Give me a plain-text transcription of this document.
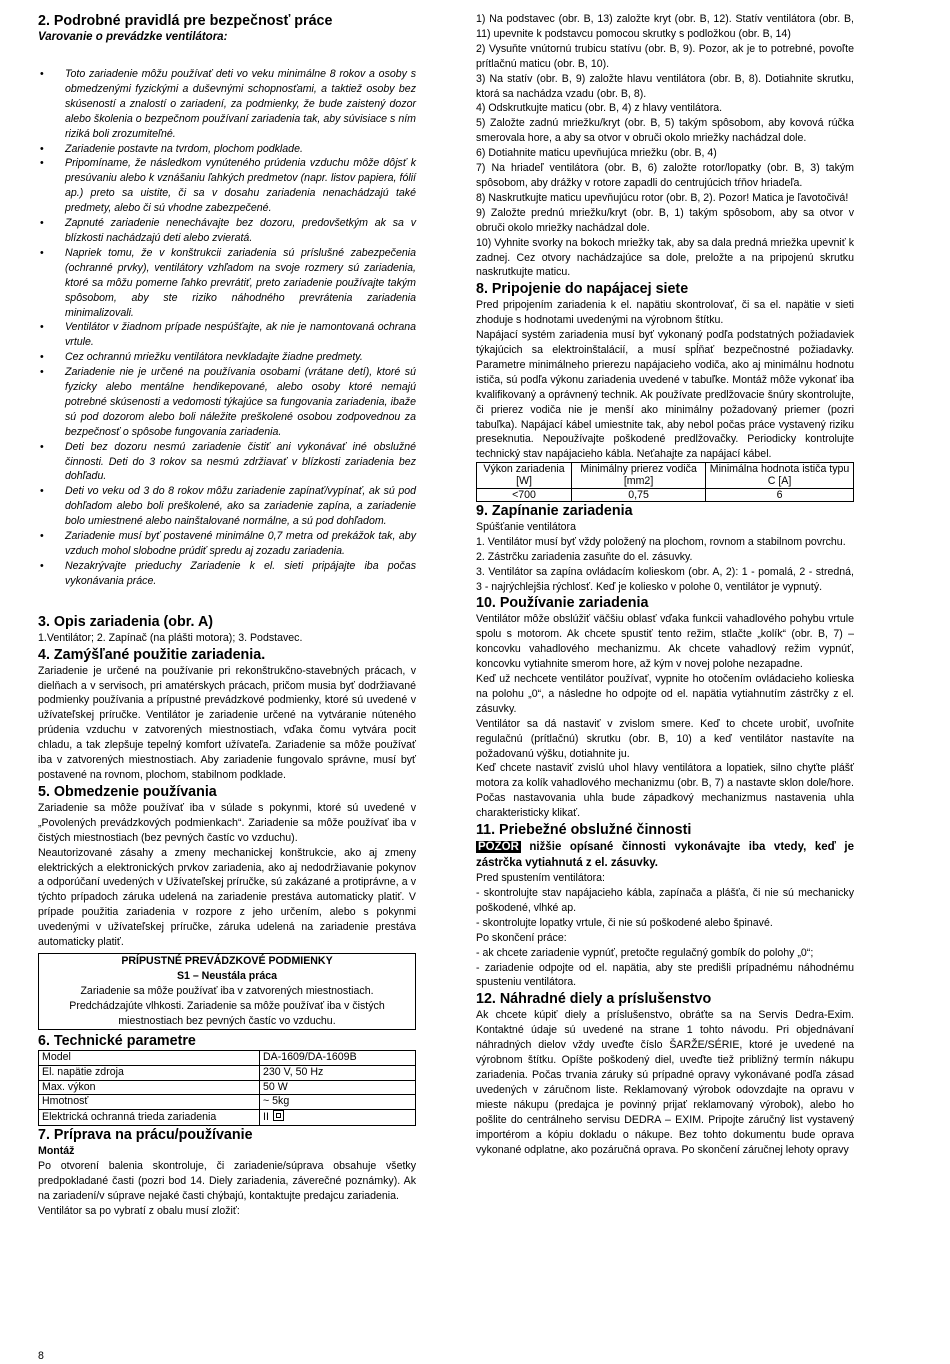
2. Podrobné pravidlá pre bezpečnosť práce
Varovanie o prevádzke ventilátora:
• Toto zariadenie môžu používať deti vo veku minimálne 8 rokov a osoby s obmedzenými fyzickými a duševnými schopnosťami, a taktiež osoby bez skúseností a znalostí o zariadení, za podmienky, že bude zaistený dozor alebo školenia o bezpečnom používaní zariadenia tak, aby súvisiace s ním riziká boli zrozumiteľné.
• Zariadenie postavte na tvrdom, plochom podklade.
• Pripomíname, že následkom vynúteného prúdenia vzduchu môže dôjsť k presúvaniu alebo k vznášaniu ľahkých predmetov (napr. listov papiera, fólií ap.) preto sa uistite, či sa v dosahu zariadenia nenachádzajú také predmety, alebo či sú vhodne zabezpečené.
• Zapnuté zariadenie nenechávajte bez dozoru, predovšetkým ak sa v blízkosti nachádzajú deti alebo zvieratá.
• Napriek tomu, že v konštrukcii zariadenia sú príslušné zabezpečenia (ochranné prvky), ventilátory vzhľadom na svoje rozmery sú zariadenia, ktoré sa môžu pomerne ľahko prevrátiť, preto zariadenie používajte takým spôsobom, aby ste riziko náhodného prevrátenia zariadenia minimalizovali.
• Ventilátor v žiadnom prípade nespúšťajte, ak nie je namontovaná ochrana vrtule.
• Cez ochrannú mriežku ventilátora nevkladajte žiadne predmety.
• Zariadenie nie je určené na používania osobami (vrátane detí), ktoré sú fyzicky alebo mentálne hendikepované, alebo osoby ktoré nemajú potrebné skúsenosti a vedomosti týkajúce sa fungovania zariadenia, ibaže sú pod dozorom alebo boli náležite preškolené osobou zodpovednou za bezpečnosť o spôsobe fungovania zariadenia.
• Deti bez dozoru nesmú zariadenie čistiť ani vykonávať iné obslužné činnosti. Deti do 3 rokov sa nesmú zdržiavať v blízkosti zariadenia bez dohľadu.
• Deti vo veku od 3 do 8 rokov môžu zariadenie zapínať/vypínať, ak sú pod dohľadom alebo boli preškolené, ako sa zariadenie zapína, a zariadenie bolo umiestnené alebo nainštalované normálne, a sú pod dohľadom.
• Zariadenie musí byť postavené minimálne 0,7 metra od prekážok tak, aby vzduch mohol slobodne prúdiť spredu aj zozadu zariadenia.
• Nezakrývajte prieduchy Zariadenie k el. sieti pripájajte iba počas vykonávania práce.
3. Opis zariadenia (obr. A)

1.Ventilátor; 2. Zapínač (na plášti motora); 3. Podstavec.

4. Zamýšľané použitie zariadenia.

Zariadenie je určené na používanie pri rekonštrukčno-stavebných prácach, v dielňach a v servisoch, pri amatérskych prácach, pričom musia byť dodržiavané podmienky používania a prípustné prevádzkové podmienky, ktoré sú uvedené v užívateľskej príručke. Ventilátor je zariadenie určené na vytváranie núteného prúdenia vzduchu v zatvorených miestnostiach, vďaka čomu vytvára pocit chladu, a tak zlepšuje tepelný komfort užívateľa. Zariadenie sa môže používať iba v zatvorených miestnostiach. Aby zariadenie fungovalo správne, musí byť postavené na rovnom, plochom, stabilnom podklade.

5. Obmedzenie používania

Zariadenie sa môže používať iba v súlade s pokynmi, ktoré sú uvedené v „Povolených prevádzkových podmienkach“. Zariadenie sa môže používať iba v čistých miestnostiach (bez pevných častíc vo vzduchu).

Neautorizované zásahy a zmeny mechanickej konštrukcie, ako aj zmeny elektrických a elektronických prvkov zariadenia, ako aj nedodržiavanie pokynov a odporúčaní uvedených v Užívateľskej príručke, sú zakázané a protiprávne, a v týchto prípadoch záruka udelená na zariadenie prestáva automaticky platiť. V prípade použitia zariadenia v rozpore z jeho určením, alebo s pokynmi uvedenými v užívateľskej príručke, záruka udelená na zariadenie prestáva automaticky platiť.

PRÍPUSTNÉ PREVÁDZKOVÉ PODMIENKY
S1 – Neustála práca
Zariadenie sa môže používať iba v zatvorených miestnostiach.
Predchádzajúte vlhkosti. Zariadenie sa môže používať iba v čistých miestnostiach bez pevných častíc vo vzduchu.
6. Technické parametre
Model	DA-1609/DA-1609B
El. napätie zdroja	230 V, 50 Hz
Max. výkon	50 W
Hmotnosť	~ 5kg
Elektrická ochranná trieda zariadenia	II
7. Príprava na prácu/používanie
Montáž

Po otvorení balenia skontroluje, či zariadenie/súprava obsahuje všetky predpokladané časti (pozri bod 14. Diely zariadenia, záverečné poznámky). Ak na zariadení/v súprave nejaké časti chýbajú, kontaktujte predajcu zariadenia.

Ventilátor sa po vybratí z obalu musí zložiť:

1) Na podstavec (obr. B, 13) založte kryt (obr. B, 12). Statív ventilátora (obr. B, 11) upevnite k podstavcu pomocou skrutky s podložkou (obr. B, 14)

2) Vysuňte vnútornú trubicu statívu (obr. B, 9). Pozor, ak je to potrebné, povoľte prítlačnú maticu (obr. B, 10).

3) Na statív (obr. B, 9) založte hlavu ventilátora (obr. B, 8). Dotiahnite skrutku, ktorá sa nachádza vzadu (obr. B, 8).

4) Odskrutkujte maticu (obr. B, 4) z hlavy ventilátora.

5) Založte zadnú mriežku/kryt (obr. B, 5) takým spôsobom, aby kovová rúčka smerovala hore, a aby sa otvor v obruči okolo mriežky nachádzal dole.

6) Dotiahnite maticu upevňujúca mriežku (obr. B, 4)

7) Na hriadeľ ventilátora (obr. B, 6) založte rotor/lopatky (obr. B, 3) takým spôsobom, aby drážky v rotore zapadli do centrujúcich tŕňov hriadeľa.

8) Naskrutkujte maticu upevňujúcu rotor (obr. B, 2). Pozor! Matica je ľavotočivá!

9) Založte prednú mriežku/kryt (obr. B, 1) takým spôsobom, aby sa otvor v obruči okolo mriežky nachádzal dole.

10) Vyhnite svorky na bokoch mriežky tak, aby sa dala predná mriežka upevniť k zadnej. Cez otvory nachádzajúce sa dole, preložte a na pripojenú skrutku naskrutkujte maticu.

8. Pripojenie do napájacej siete

Pred pripojením zariadenia k el. napätiu skontrolovať, či sa el. napätie v sieti zhoduje s hodnotami uvedenými na výrobnom štítku.

Napájací systém zariadenia musí byť vykonaný podľa podstatných požiadaviek týkajúcich sa elektroinštalácií, a musí spĺňať bezpečnostné požiadavky. Parametre minimálneho prierezu napájacieho vodiča, ako aj minimálnu hodnotu ističa, sú podľa výkonu zariadenia uvedené v tabuľke. Montáž môže vykonať iba kvalifikovaný a oprávnený technik. Ak používate predlžovacie šnúry skontrolujte, či prierez vodiča nie je menší ako minimálny požadovaný priemer (pozri tabuľka). Napájací kábel umiestnite tak, aby nebol počas práce vystavený riziku preseknutia. Nepoužívajte poškodené predlžovačky. Periodicky kontrolujte technický stav napájacieho kábla. Neťahajte za napájací kábel.

Výkon zariadenia [W]	Minimálny prierez vodiča [mm2]	Minimálna hodnota ističa typu C [A]
<700	0,75	6
9. Zapínanie zariadenia

Spúšťanie ventilátora

1. Ventilátor musí byť vždy položený na plochom, rovnom a stabilnom povrchu.

2. Zástrčku zariadenia zasuňte do el. zásuvky.

3. Ventilátor sa zapína ovládacím kolieskom (obr. A, 2): 1 - pomalá, 2 - stredná, 3 - najrýchlejšia rýchlosť. Keď je koliesko v polohe 0, ventilátor je vypnutý.

10. Používanie zariadenia

Ventilátor môže obslúžiť väčšiu oblasť vďaka funkcii vahadlového pohybu vrtule spolu s motorom. Ak chcete spustiť tento režim, stlačte „kolík“ (obr. B, 7) – koncovku vahadlového mechanizmu. Ak chcete vahadlový režim vypnúť, koncovku vytiahnite smerom hore, až kým v novej polohe nezapadne.

Keď už nechcete ventilátor používať, vypnite ho otočením ovládacieho kolieska na polohu „0“, a následne ho odpojte od el. napätia vytiahnutím zástrčky z el. zásuvky.

Ventilátor sa dá nastaviť v zvislom smere. Keď to chcete urobiť, uvoľnite regulačnú (prítlačnú) skrutku (obr. B, 10) a keď ventilátor nastavíte na požadovanú výšku, dotiahnite ju.

Keď chcete nastaviť zvislú uhol hlavy ventilátora a lopatiek, silno chyťte plášť motora za kolík vahadlového mechanizmu (obr. B, 7) a nastavte sklon dole/hore. Počas nastavovania uhla bude západkový mechanizmus nastavenia uhla charakteristicky klikať.

11. Priebežné obslužné činnosti

POZOR nižšie opísané činnosti vykonávajte iba vtedy, keď je zástrčka vytiahnutá z el. zásuvky.

Pred spustením ventilátora:

- skontrolujte stav napájacieho kábla, zapínača a plášťa, či nie sú mechanicky poškodené, vlhké ap.

- skontrolujte lopatky vrtule, či nie sú poškodené alebo špinavé.

Po skončení práce:

- ak chcete zariadenie vypnúť, pretočte regulačný gombík do polohy „0“;

- zariadenie odpojte od el. napätia, aby ste predišli prípadnému náhodnému spusteniu ventilátora.

12. Náhradné diely a príslušenstvo

Ak chcete kúpiť diely a príslušenstvo, obráťte sa na Servis Dedra-Exim. Kontaktné údaje sú uvedené na strane 1 tohto návodu. Pri objednávaní náhradných dielov vždy uveďte číslo ŠARŽE/SÉRIE, ktoré je uvedené na výrobnom štítku. Opíšte poškodený diel, uveďte tiež približný termín nákupu zariadenia. Počas trvania záruky sú prípadné opravy vykonávané podľa zásad uvedených v záručnom liste. Reklamovaný výrobok odovzdajte na opravu v mieste nákupu (predajca je povinný prijať reklamovaný výrobok), alebo ho pošlite do centrálneho servisu DEDRA – EXIM. Pripojte záručný list vystavený importérom a kópiu dokladu o nákupe. Bez tohto dokumentu bude oprava vykonané odplatne, ako pozáručná oprava. Po skončení záručnej lehoty opravy

8
